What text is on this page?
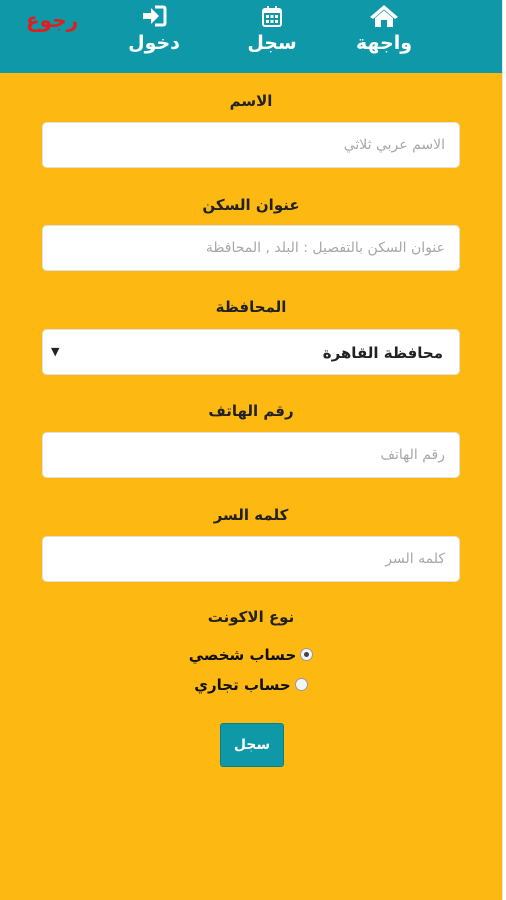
رجوع
دخول	سجل	واجهة
الاسم
الاسم عربي ثلاثي
عنوان السكن
عنوان السكن بالتفصيل : البلد , المحافظة
المحافظة
محافظة القاهرة
▼
رقم الهاتف
رقم الهاتف
كلمه السر
نوع الاكونت
حساب شخصي
حساب تجاري
سجل
